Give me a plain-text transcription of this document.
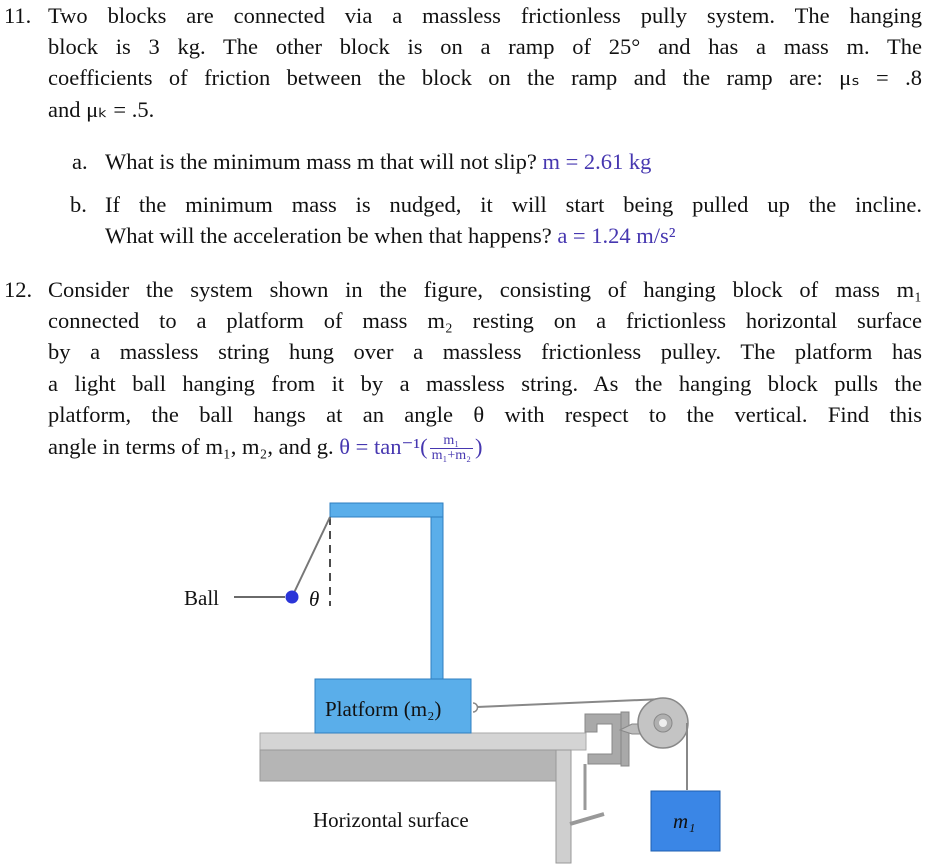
11. Two blocks are connected via a massless frictionless pully system. The hanging
block is 3 kg. The other block is on a ramp of 25° and has a mass m. The
coefficients of friction between the block on the ramp and the ramp are: μₛ = .8
and μₖ = .5.
a. What is the minimum mass m that will not slip? m = 2.61 kg
b. If the minimum mass is nudged, it will start being pulled up the incline.
What will the acceleration be when that happens? a = 1.24 m/s²
12. Consider the system shown in the figure, consisting of hanging block of mass m₁
connected to a platform of mass m₂ resting on a frictionless horizontal surface
by a massless string hung over a massless frictionless pulley. The platform has
a light ball hanging from it by a massless string. As the hanging block pulls the
platform, the ball hangs at an angle θ with respect to the vertical. Find this
angle in terms of m₁, m₂, and g. $\theta = \tan^{-1}( \frac{\text{m₁}}{\text{m₁+m₂}}$ )
Ball	θ
Platform (m₂)
m₁
Horizontal surface
